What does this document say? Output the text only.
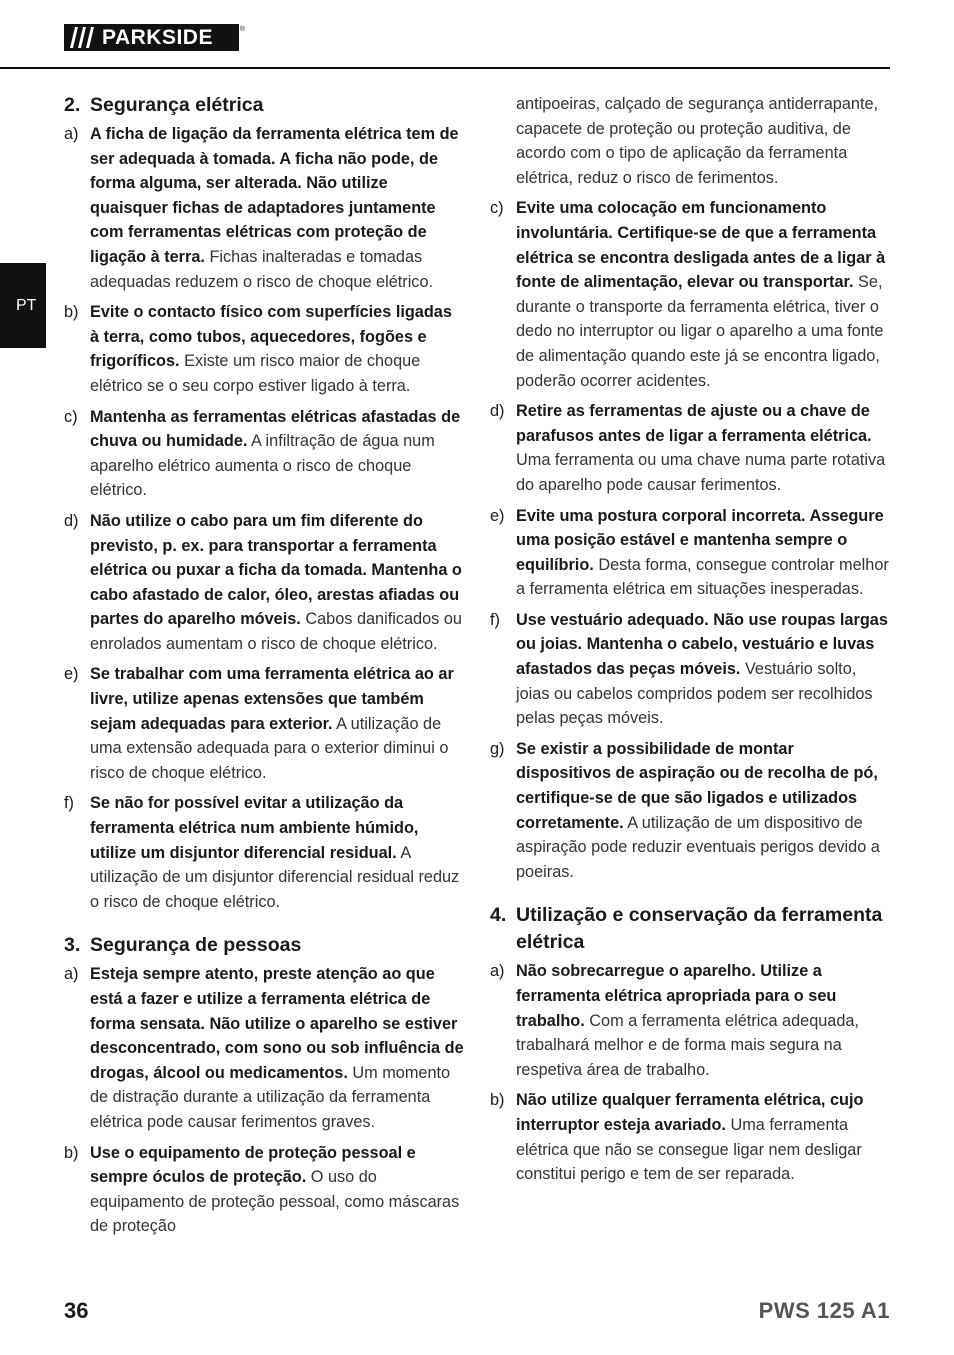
PARKSIDE	®
PT
2. Segurança elétrica
a) A ficha de ligação da ferramenta elétrica tem de ser adequada à tomada. A ficha não pode, de forma alguma, ser alterada. Não utilize quaisquer fichas de adaptadores juntamente com ferramentas elétricas com proteção de ligação à terra. Fichas inalteradas e tomadas adequadas reduzem o risco de choque elétrico.
b) Evite o contacto físico com superfícies ligadas à terra, como tubos, aquecedores, fogões e frigoríficos. Existe um risco maior de choque elétrico se o seu corpo estiver ligado à terra.
c) Mantenha as ferramentas elétricas afastadas de chuva ou humidade. A infiltração de água num aparelho elétrico aumenta o risco de choque elétrico.
d) Não utilize o cabo para um fim diferente do previsto, p. ex. para transportar a ferramenta elétrica ou puxar a ficha da tomada. Mantenha o cabo afastado de calor, óleo, arestas afiadas ou partes do aparelho móveis. Cabos danificados ou enrolados aumentam o risco de choque elétrico.
e) Se trabalhar com uma ferramenta elétrica ao ar livre, utilize apenas extensões que também sejam adequadas para exterior. A utilização de uma extensão adequada para o exterior diminui o risco de choque elétrico.
f) Se não for possível evitar a utilização da ferramenta elétrica num ambiente húmido, utilize um disjuntor diferencial residual. A utilização de um disjuntor diferencial residual reduz o risco de choque elétrico.
3. Segurança de pessoas
a) Esteja sempre atento, preste atenção ao que está a fazer e utilize a ferramenta elétrica de forma sensata. Não utilize o aparelho se estiver desconcentrado, com sono ou sob influência de drogas, álcool ou medicamentos. Um momento de distração durante a utilização da ferramenta elétrica pode causar ferimentos graves.
b) Use o equipamento de proteção pessoal e sempre óculos de proteção. O uso do equipamento de proteção pessoal, como máscaras de proteção
antipoeiras, calçado de segurança antiderrapante, capacete de proteção ou proteção auditiva, de acordo com o tipo de aplicação da ferramenta elétrica, reduz o risco de ferimentos.
c) Evite uma colocação em funcionamento involuntária. Certifique-se de que a ferramenta elétrica se encontra desligada antes de a ligar à fonte de alimentação, elevar ou transportar. Se, durante o transporte da ferramenta elétrica, tiver o dedo no interruptor ou ligar o aparelho a uma fonte de alimentação quando este já se encontra ligado, poderão ocorrer acidentes.
d) Retire as ferramentas de ajuste ou a chave de parafusos antes de ligar a ferramenta elétrica. Uma ferramenta ou uma chave numa parte rotativa do aparelho pode causar ferimentos.
e) Evite uma postura corporal incorreta. Assegure uma posição estável e mantenha sempre o equilíbrio. Desta forma, consegue controlar melhor a ferramenta elétrica em situações inesperadas.
f) Use vestuário adequado. Não use roupas largas ou joias. Mantenha o cabelo, vestuário e luvas afastados das peças móveis. Vestuário solto, joias ou cabelos compridos podem ser recolhidos pelas peças móveis.
g) Se existir a possibilidade de montar dispositivos de aspiração ou de recolha de pó, certifique-se de que são ligados e utilizados corretamente. A utilização de um dispositivo de aspiração pode reduzir eventuais perigos devido a poeiras.
4. Utilização e conservação da ferramenta elétrica
a) Não sobrecarregue o aparelho. Utilize a ferramenta elétrica apropriada para o seu trabalho. Com a ferramenta elétrica adequada, trabalhará melhor e de forma mais segura na respetiva área de trabalho.
b) Não utilize qualquer ferramenta elétrica, cujo interruptor esteja avariado. Uma ferramenta elétrica que não se consegue ligar nem desligar constitui perigo e tem de ser reparada.
36	PWS 125 A1
